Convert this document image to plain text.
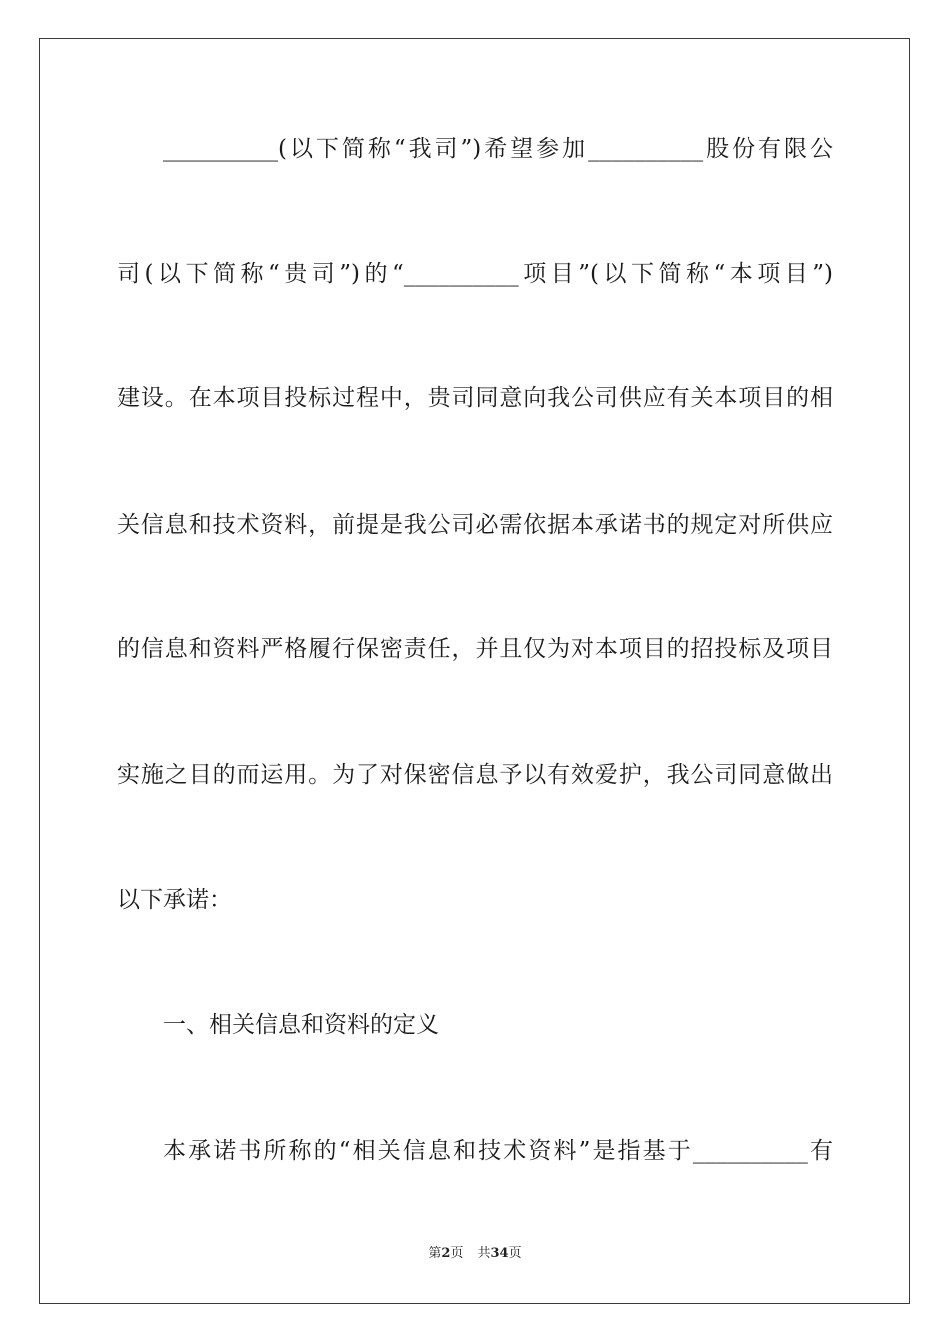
__________(以下简称“我司”)希望参加__________股份有限公
司(以下简称“贵司”)的“__________项目”(以下简称“本项目”)
建设。在本项目投标过程中，贵司同意向我公司供应有关本项目的相
关信息和技术资料，前提是我公司必需依据本承诺书的规定对所供应
的信息和资料严格履行保密责任，并且仅为对本项目的招投标及项目
实施之目的而运用。为了对保密信息予以有效爱护，我公司同意做出
以下承诺：
一、相关信息和资料的定义
本承诺书所称的“相关信息和技术资料”是指基于__________有
第2页 共34页
